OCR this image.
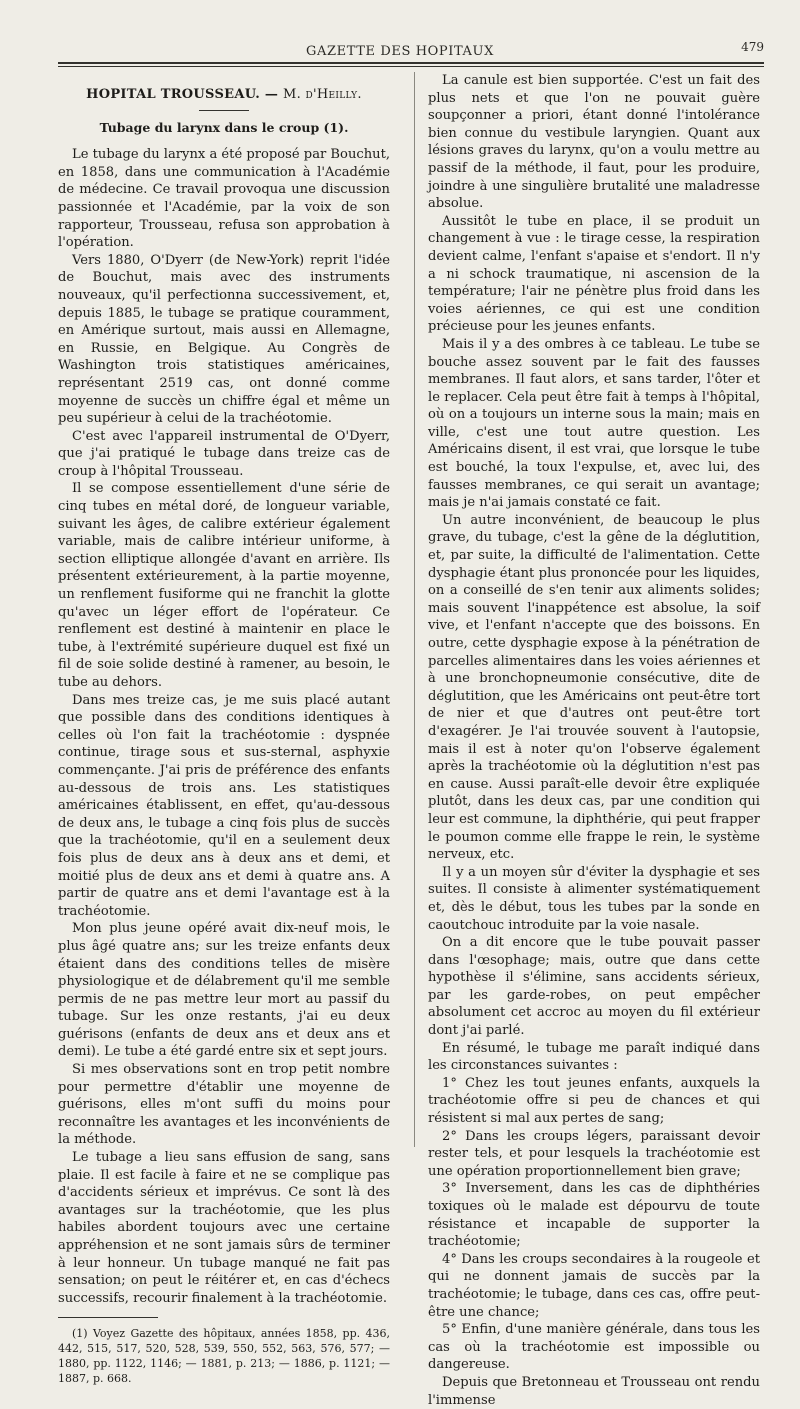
GAZETTE DES HOPITAUX	479

HOPITAL TROUSSEAU. — M. d'Heilly.

Tubage du larynx dans le croup (1).

Le tubage du larynx a été proposé par Bouchut, en 1858, dans une communication à l'Académie de médecine. Ce travail provoqua une discussion passionnée et l'Académie, par la voix de son rapporteur, Trousseau, refusa son approbation à l'opération.

Vers 1880, O'Dyerr (de New-York) reprit l'idée de Bouchut, mais avec des instruments nouveaux, qu'il perfectionna successivement, et, depuis 1885, le tubage se pratique couramment, en Amérique surtout, mais aussi en Allemagne, en Russie, en Belgique. Au Congrès de Washington trois statistiques américaines, représentant 2519 cas, ont donné comme moyenne de succès un chiffre égal et même un peu supérieur à celui de la trachéotomie.

C'est avec l'appareil instrumental de O'Dyerr, que j'ai pratiqué le tubage dans treize cas de croup à l'hôpital Trousseau.

Il se compose essentiellement d'une série de cinq tubes en métal doré, de longueur variable, suivant les âges, de calibre extérieur également variable, mais de calibre intérieur uniforme, à section elliptique allongée d'avant en arrière. Ils présentent extérieurement, à la partie moyenne, un renflement fusiforme qui ne franchit la glotte qu'avec un léger effort de l'opérateur. Ce renflement est destiné à maintenir en place le tube, à l'extrémité supérieure duquel est fixé un fil de soie solide destiné à ramener, au besoin, le tube au dehors.

Dans mes treize cas, je me suis placé autant que possible dans des conditions identiques à celles où l'on fait la trachéotomie : dyspnée continue, tirage sous et sus-sternal, asphyxie commençante. J'ai pris de préférence des enfants au-dessous de trois ans. Les statistiques américaines établissent, en effet, qu'au-dessous de deux ans, le tubage a cinq fois plus de succès que la trachéotomie, qu'il en a seulement deux fois plus de deux ans à deux ans et demi, et moitié plus de deux ans et demi à quatre ans. A partir de quatre ans et demi l'avantage est à la trachéotomie.

Mon plus jeune opéré avait dix-neuf mois, le plus âgé quatre ans; sur les treize enfants deux étaient dans des conditions telles de misère physiologique et de délabrement qu'il me semble permis de ne pas mettre leur mort au passif du tubage. Sur les onze restants, j'ai eu deux guérisons (enfants de deux ans et deux ans et demi). Le tube a été gardé entre six et sept jours.

Si mes observations sont en trop petit nombre pour permettre d'établir une moyenne de guérisons, elles m'ont suffi du moins pour reconnaître les avantages et les inconvénients de la méthode.

Le tubage a lieu sans effusion de sang, sans plaie. Il est facile à faire et ne se complique pas d'accidents sérieux et imprévus. Ce sont là des avantages sur la trachéotomie, que les plus habiles abordent toujours avec une certaine appréhension et ne sont jamais sûrs de terminer à leur honneur. Un tubage manqué ne fait pas sensation; on peut le réitérer et, en cas d'échecs successifs, recourir finalement à la trachéotomie.

(1) Voyez Gazette des hôpitaux, années 1858, pp. 436, 442, 515, 517, 520, 528, 539, 550, 552, 563, 576, 577; — 1880, pp. 1122, 1146; — 1881, p. 213; — 1886, p. 1121; — 1887, p. 668.

La canule est bien supportée. C'est un fait des plus nets et que l'on ne pouvait guère soupçonner a priori, étant donné l'intolérance bien connue du vestibule laryngien. Quant aux lésions graves du larynx, qu'on a voulu mettre au passif de la méthode, il faut, pour les produire, joindre à une singulière brutalité une maladresse absolue.

Aussitôt le tube en place, il se produit un changement à vue : le tirage cesse, la respiration devient calme, l'enfant s'apaise et s'endort. Il n'y a ni schock traumatique, ni ascension de la température; l'air ne pénètre plus froid dans les voies aériennes, ce qui est une condition précieuse pour les jeunes enfants.

Mais il y a des ombres à ce tableau. Le tube se bouche assez souvent par le fait des fausses membranes. Il faut alors, et sans tarder, l'ôter et le replacer. Cela peut être fait à temps à l'hôpital, où on a toujours un interne sous la main; mais en ville, c'est une tout autre question. Les Américains disent, il est vrai, que lorsque le tube est bouché, la toux l'expulse, et, avec lui, des fausses membranes, ce qui serait un avantage; mais je n'ai jamais constaté ce fait.

Un autre inconvénient, de beaucoup le plus grave, du tubage, c'est la gêne de la déglutition, et, par suite, la difficulté de l'alimentation. Cette dysphagie étant plus prononcée pour les liquides, on a conseillé de s'en tenir aux aliments solides; mais souvent l'inappétence est absolue, la soif vive, et l'enfant n'accepte que des boissons. En outre, cette dysphagie expose à la pénétration de parcelles alimentaires dans les voies aériennes et à une bronchopneumonie consécutive, dite de déglutition, que les Américains ont peut-être tort de nier et que d'autres ont peut-être tort d'exagérer. Je l'ai trouvée souvent à l'autopsie, mais il est à noter qu'on l'observe également après la trachéotomie où la déglutition n'est pas en cause. Aussi paraît-elle devoir être expliquée plutôt, dans les deux cas, par une condition qui leur est commune, la diphthérie, qui peut frapper le poumon comme elle frappe le rein, le système nerveux, etc.

Il y a un moyen sûr d'éviter la dysphagie et ses suites. Il consiste à alimenter systématiquement et, dès le début, tous les tubes par la sonde en caoutchouc introduite par la voie nasale.

On a dit encore que le tube pouvait passer dans l'œsophage; mais, outre que dans cette hypothèse il s'élimine, sans accidents sérieux, par les garde-robes, on peut empêcher absolument cet accroc au moyen du fil extérieur dont j'ai parlé.

En résumé, le tubage me paraît indiqué dans les circonstances suivantes :

1° Chez les tout jeunes enfants, auxquels la trachéotomie offre si peu de chances et qui résistent si mal aux pertes de sang;

2° Dans les croups légers, paraissant devoir rester tels, et pour lesquels la trachéotomie est une opération proportionnellement bien grave;

3° Inversement, dans les cas de diphthéries toxiques où le malade est dépourvu de toute résistance et incapable de supporter la trachéotomie;

4° Dans les croups secondaires à la rougeole et qui ne donnent jamais de succès par la trachéotomie; le tubage, dans ces cas, offre peut-être une chance;

5° Enfin, d'une manière générale, dans tous les cas où la trachéotomie est impossible ou dangereuse.

Depuis que Bretonneau et Trousseau ont rendu l'immense
